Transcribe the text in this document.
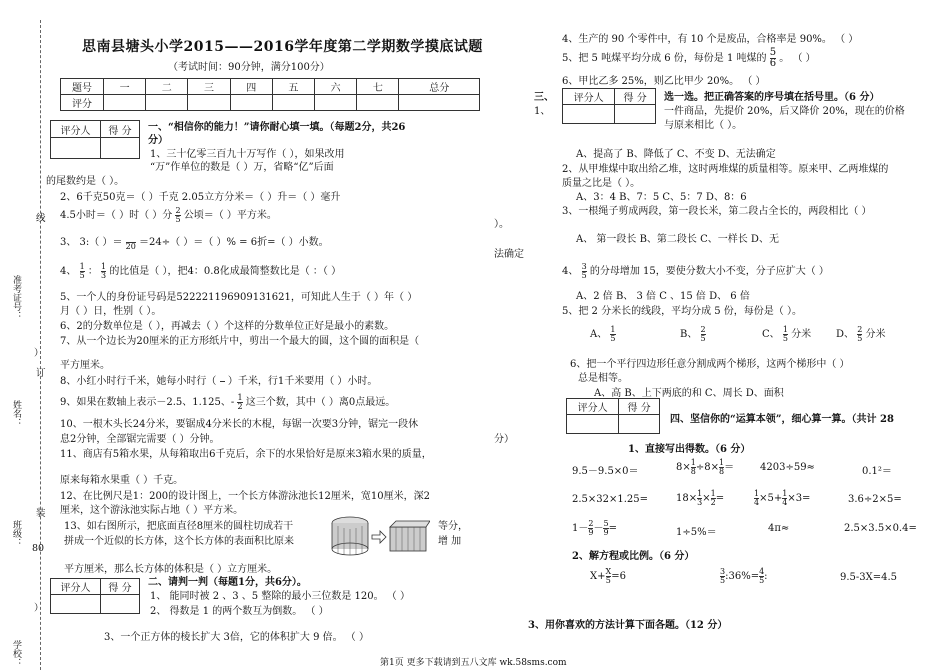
准考证号：
姓名：
班级：
学校：
线
订
装
80
）
）
思南县塘头小学2015——2016学年度第二学期数学摸底试题
（考试时间：90分钟，满分100分）
题号	一	二	三	四	五	六	七	总分
评分								
评分人	得 分
	一、“相信你的能力！”请你耐心填一填。（每题2分，共26
分）
1、三十亿零三百九十万写作（ ），如果改用
“万”作单位的数是（ ）万，省略“亿”后面
的尾数约是（ ）。
2、6千克50克＝（ ）千克 2.05立方分米＝（ ）升＝（ ）毫升
4.5小时＝（ ）时（ ）分 $\frac{2}{5}$ 公顷＝（ ）平方米。
3、 3:（ ）＝
20 ＝24÷（ ）＝（ ）% = 6折=（ ）小数。
4、 $\frac{1}{5}$ ： $\frac{1}{3}$ 的比值是（ ），把4：0.8化成最简整数比是（ ：（ ）
5、一个人的身份证号码是522221196909131621，可知此人生于（ ）年（ ）
月（ ）日，性别（ ）。
6、2的分数单位是（ ），再减去（ ）个这样的分数单位正好是最小的素数。
7、从一个边长为20厘米的正方形纸片中，剪出一个最大的圆，这个圆的面积是（
平方厘米。
8、小红小时行千米，她每小时行（

）千米，行1千米要用（ ）小时。
9、如果在数轴上表示－2.5、1.125、- $\frac{1}{2}$ 这三个数，其中（ ）离0点最远。
10、一根木头长24分米，要锯成4分米长的木棍，每锯一次要3分钟，锯完一段休
息2分钟，全部锯完需要（ ）分钟。
11、商店有5箱水果，从每箱取出6千克后，余下的水果恰好是原来3箱水果的质量，
原来每箱水果重（ ）千克。
12、在比例尺是1：200的设计图上，一个长方体游泳池长12厘米，宽10厘米，深2
厘米，这个游泳池实际占地（ ）平方米。
13、如右图所示，把底面直径8厘米的圆柱切成若干	等分，
拼成一个近似的长方体，这个长方体的表面积比原来	增 加
平方厘米，那么长方体的体积是（ ）立方厘米。
评分人	得 分

二、请判一判（每题1分，共6分）。
1、 能同时被 2 、3 、5 整除的最小三位数是 120。 （ ）
2、 得数是 1 的两个数互为倒数。 （ ）
3、一个正方体的棱长扩大 3倍，它的体积扩大 9 倍。 （ ）
）。
法确定
分）
4、生产的 90 个零件中，有 10 个是废品，合格率是 90%。 （ ）
5、把 5 吨煤平均分成 6 份，每份是 1 吨煤的 $\frac{5}{6}$ 。 （ ）
6、甲比乙多 25%，则乙比甲少 20%。 （ ）
三、
1、
评分人	得 分
	选一选。把正确答案的序号填在括号里。（6 分）
一件商品，先提价 20%，后又降价 20%，现在的价格
与原来相比（ ）。
A、提高了 B、降低了 C、不变 D、无法确定
2、从甲堆煤中取出给乙堆，这时两堆煤的质量相等。原来甲、乙两堆煤的
质量之比是（ ）。
A、3：4 B、7：5 C、5：7 D、8：6
3、一根绳子剪成两段，第一段长米，第二段占全长的，两段相比（ ）
A、 第一段长 B、第二段长 C、一样长 D、无
4、 $\frac{3}{5}$ 的分母增加 15，要使分数大小不变，分子应扩大（ ）
A、2 倍 B、 3 倍 C 、15 倍 D、 6 倍
5、把 2 分米长的线段，平均分成 5 份，每份是（ ）。
A、 $\frac{1}{5}$	B、 $\frac{2}{5}$	C、 $\frac{1}{5}$ 分米 D、 $\frac{2}{5}$ 分米
6、把一个平行四边形任意分割成两个梯形，这两个梯形中（ ）
总是相等。
A、高 B、上下两底的和 C、周长 D、面积
评分人	得 分

四、坚信你的“运算本领”，细心算一算。（共计 28
1、直接写出得数。（6 分）
9.5－9.5×0＝	$8\times \frac{1}{8} \div 8\times \frac{1}{8}$ ＝	4203÷59≈	0.1²＝
2.5×32×1.25=	$18\times \frac{1}{3} \times \frac{1}{2}$ =	$\frac{1}{4} \times 5+ \frac{1}{4} \times 3=$	3.6÷2×5=
$1- \frac{2}{9} - \frac{5}{9}$ =	1÷5%＝	4π≈	2.5×3.5×0.4=
2、解方程或比例。（6 分）
$X+ \frac{X}{5} =6$	$\frac{3}{5}$ :36%= $\frac{4}{5}$ :	9.5-3X=4.5
3、用你喜欢的方法计算下面各题。（12 分）
第1页 更多下载请到五八文库 wk.58sms.com
